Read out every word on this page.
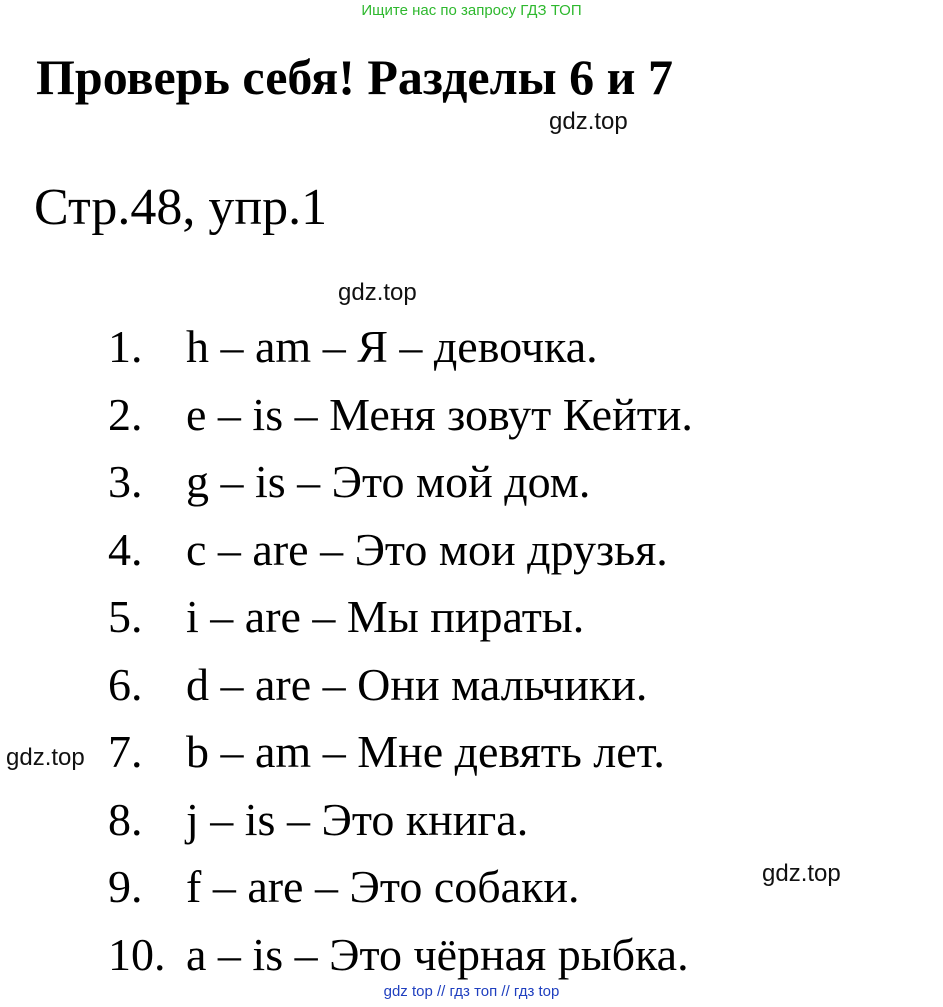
Ищите нас по запросу ГДЗ ТОП
Проверь себя! Разделы 6 и 7
gdz.top
Стр.48, упр.1
gdz.top
1. h – am – Я – девочка.
2. e – is – Меня зовут Кейти.
3. g – is – Это мой дом.
4. c – are – Это мои друзья.
5. i – are – Мы пираты.
6. d – are – Они мальчики.
7. b – am – Мне девять лет.
8. j – is – Это книга.
9. f – are – Это собаки.
10. a – is – Это чёрная рыбка.
gdz.top
gdz.top
gdz top // гдз топ // гдз top
